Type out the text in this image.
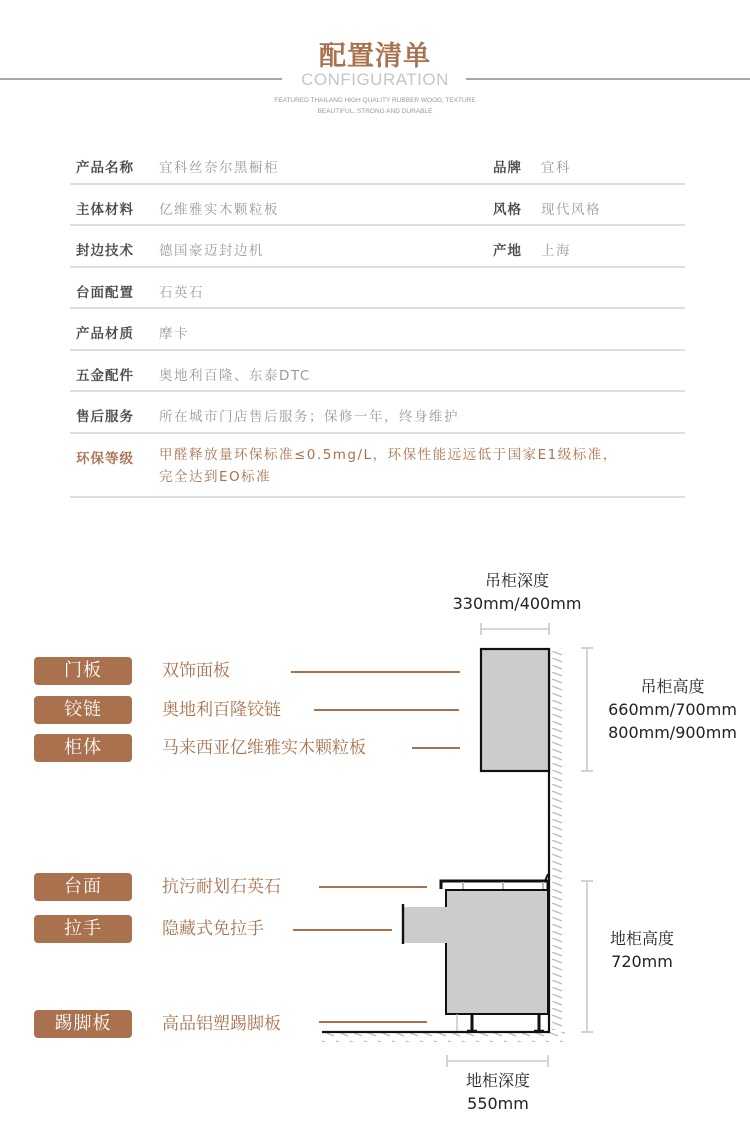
配置清单
CONFIGURATION
FEATURED THAILAND HIGH QUALITY RUBBER WOOD, TEXTURE
BEAUTIFUL, STRONG AND DURABLE
产品名称 宜科丝奈尔黑橱柜	品牌 宜科
主体材料 亿维雅实木颗粒板	风格 现代风格
封边技术 德国豪迈封边机	产地 上海
台面配置 石英石
产品材质 摩卡
五金配件 奥地利百隆、东泰DTC
售后服务 所在城市门店售后服务；保修一年，终身维护
环保等级 甲醛释放量环保标准≤0.5mg/L，环保性能远远低于国家E1级标准，
完全达到EO标准
门板	双饰面板
铰链	奥地利百隆铰链
柜体	马来西亚亿维雅实木颗粒板
台面	抗污耐划石英石
拉手	隐藏式免拉手
踢脚板	高品铝塑踢脚板
吊柜深度
330mm/400mm
吊柜高度
660mm/700mm
800mm/900mm
地柜高度
720mm
地柜深度
550mm
